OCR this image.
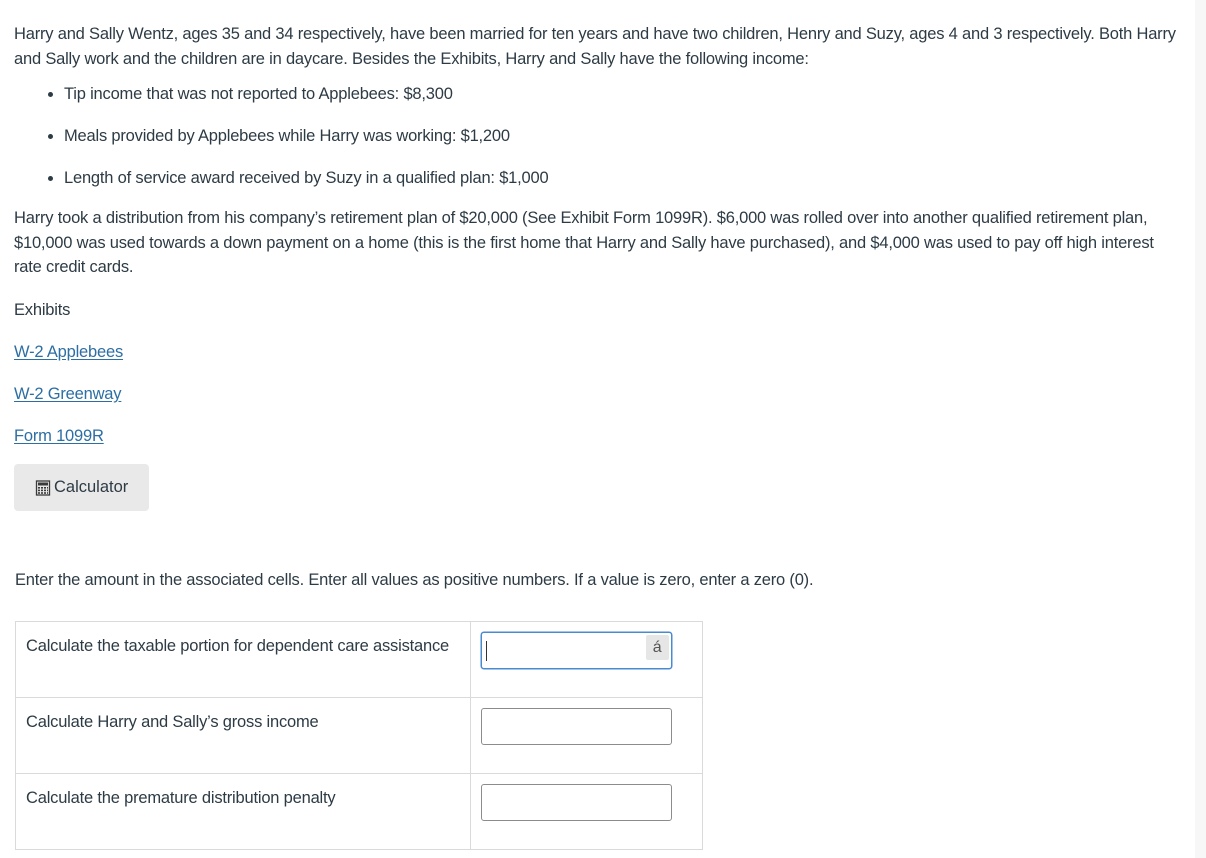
Harry and Sally Wentz, ages 35 and 34 respectively, have been married for ten years and have two children, Henry and Suzy, ages 4 and 3 respectively. Both Harry and Sally work and the children are in daycare. Besides the Exhibits, Harry and Sally have the following income:

• Tip income that was not reported to Applebees: $8,300
• Meals provided by Applebees while Harry was working: $1,200
• Length of service award received by Suzy in a qualified plan: $1,000

Harry took a distribution from his company’s retirement plan of $20,000 (See Exhibit Form 1099R). $6,000 was rolled over into another qualified retirement plan, $10,000 was used towards a down payment on a home (this is the first home that Harry and Sally have purchased), and $4,000 was used to pay off high interest rate credit cards.

Exhibits

W-2 Applebees
W-2 Greenway
Form 1099R
Calculator

Enter the amount in the associated cells. Enter all values as positive numbers. If a value is zero, enter a zero (0).

Calculate the taxable portion for dependent care assistance	á

Calculate Harry and Sally’s gross income	

Calculate the premature distribution penalty	
